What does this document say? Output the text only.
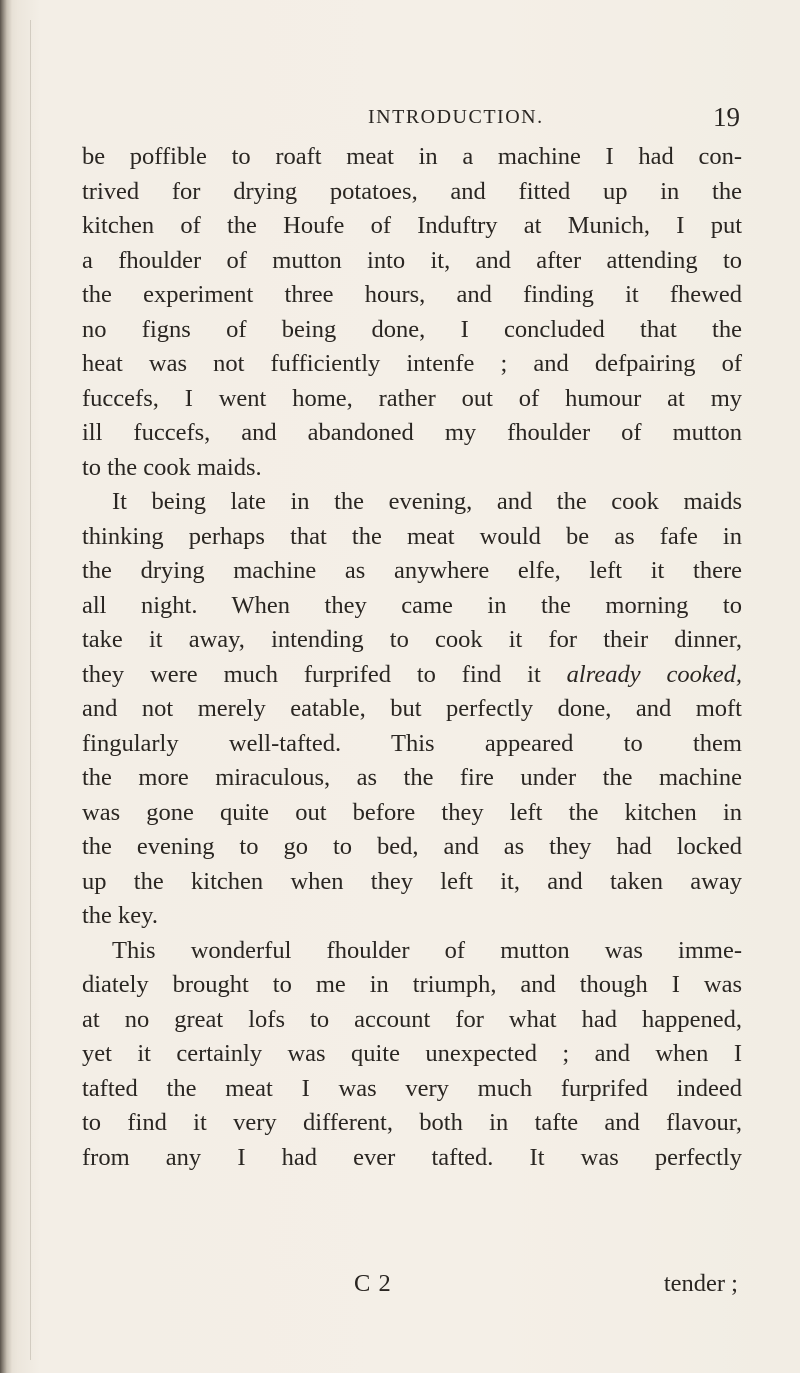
INTRODUCTION.	19
be poffible to roaft meat in a machine I had con-
trived for drying potatoes, and fitted up in the
kitchen of the Houfe of Induftry at Munich, I put
a fhoulder of mutton into it, and after attending to
the experiment three hours, and finding it fhewed
no figns of being done, I concluded that the
heat was not fufficiently intenfe ; and defpairing of
fuccefs, I went home, rather out of humour at my
ill fuccefs, and abandoned my fhoulder of mutton
to the cook maids.
It being late in the evening, and the cook maids
thinking perhaps that the meat would be as fafe in
the drying machine as anywhere elfe, left it there
all night. When they came in the morning to
take it away, intending to cook it for their dinner,
they were much furprifed to find it already cooked,
and not merely eatable, but perfectly done, and moft
fingularly well-tafted. This appeared to them
the more miraculous, as the fire under the machine
was gone quite out before they left the kitchen in
the evening to go to bed, and as they had locked
up the kitchen when they left it, and taken away
the key.
This wonderful fhoulder of mutton was imme-
diately brought to me in triumph, and though I was
at no great lofs to account for what had happened,
yet it certainly was quite unexpected ; and when I
tafted the meat I was very much furprifed indeed
to find it very different, both in tafte and flavour,
from any I had ever tafted. It was perfectly
C 2	tender ;
